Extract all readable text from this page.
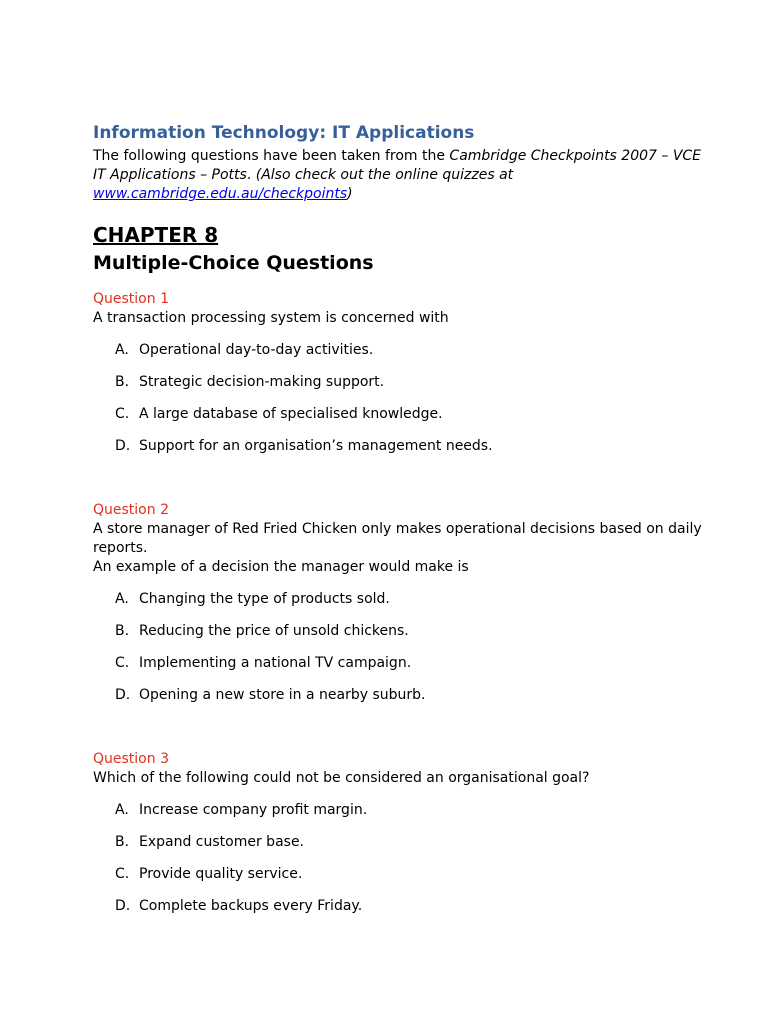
Information Technology: IT Applications

The following questions have been taken from the Cambridge Checkpoints 2007 – VCE IT Applications – Potts. (Also check out the online quizzes at www.cambridge.edu.au/checkpoints)

CHAPTER 8
Multiple-Choice Questions

Question 1

A transaction processing system is concerned with

A. Operational day-to-day activities.
B. Strategic decision-making support.
C. A large database of specialised knowledge.
D. Support for an organisation’s management needs.

Question 2

A store manager of Red Fried Chicken only makes operational decisions based on daily reports.

An example of a decision the manager would make is

A. Changing the type of products sold.
B. Reducing the price of unsold chickens.
C. Implementing a national TV campaign.
D. Opening a new store in a nearby suburb.

Question 3

Which of the following could not be considered an organisational goal?

A. Increase company profit margin.
B. Expand customer base.
C. Provide quality service.
D. Complete backups every Friday.
